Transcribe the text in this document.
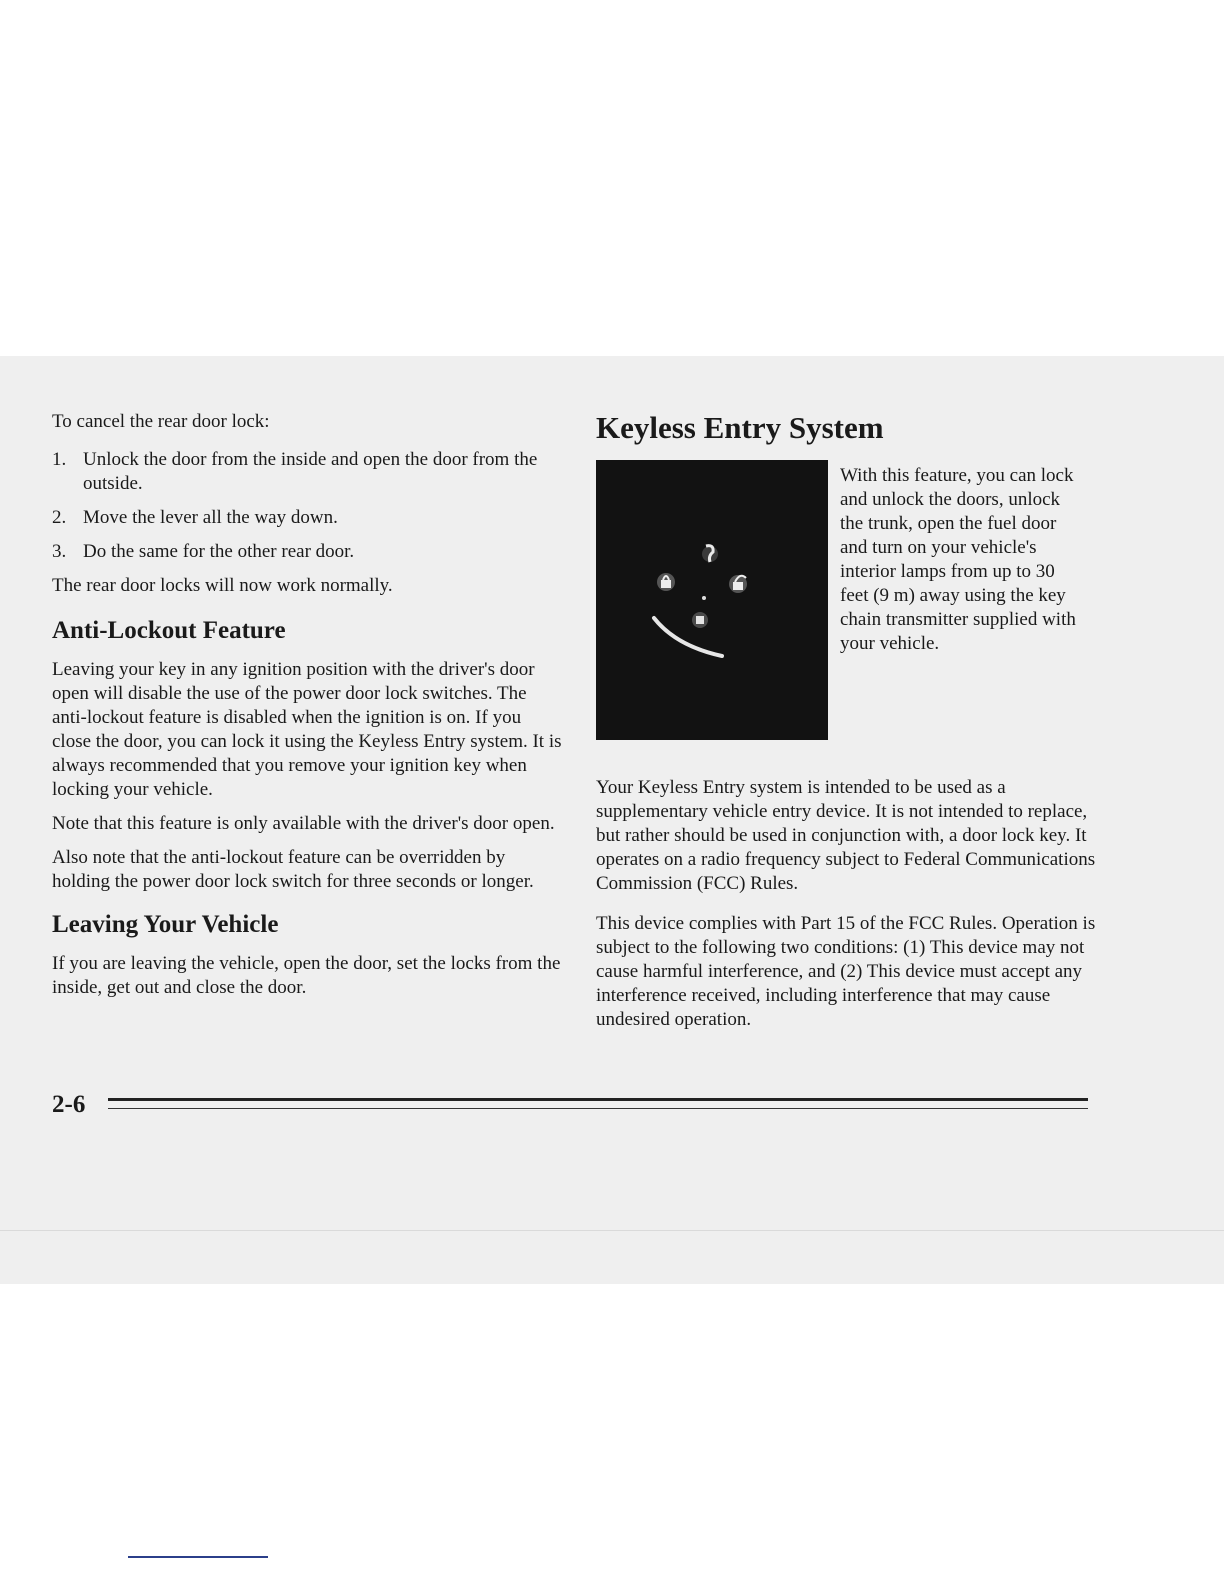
To cancel the rear door lock:

1. Unlock the door from the inside and open the door from the outside.
2. Move the lever all the way down.
3. Do the same for the other rear door.

The rear door locks will now work normally.

Anti-Lockout Feature

Leaving your key in any ignition position with the driver's door open will disable the use of the power door lock switches. The anti-lockout feature is disabled when the ignition is on. If you close the door, you can lock it using the Keyless Entry system. It is always recommended that you remove your ignition key when locking your vehicle.

Note that this feature is only available with the driver's door open.

Also note that the anti-lockout feature can be overridden by holding the power door lock switch for three seconds or longer.

Leaving Your Vehicle

If you are leaving the vehicle, open the door, set the locks from the inside, get out and close the door.

Keyless Entry System

With this feature, you can lock and unlock the doors, unlock the trunk, open the fuel door and turn on your vehicle's interior lamps from up to 30 feet (9 m) away using the key chain transmitter supplied with your vehicle.

Your Keyless Entry system is intended to be used as a supplementary vehicle entry device. It is not intended to replace, but rather should be used in conjunction with, a door lock key. It operates on a radio frequency subject to Federal Communications Commission (FCC) Rules.

This device complies with Part 15 of the FCC Rules. Operation is subject to the following two conditions: (1) This device may not cause harmful interference, and (2) This device must accept any interference received, including interference that may cause undesired operation.

2-6
